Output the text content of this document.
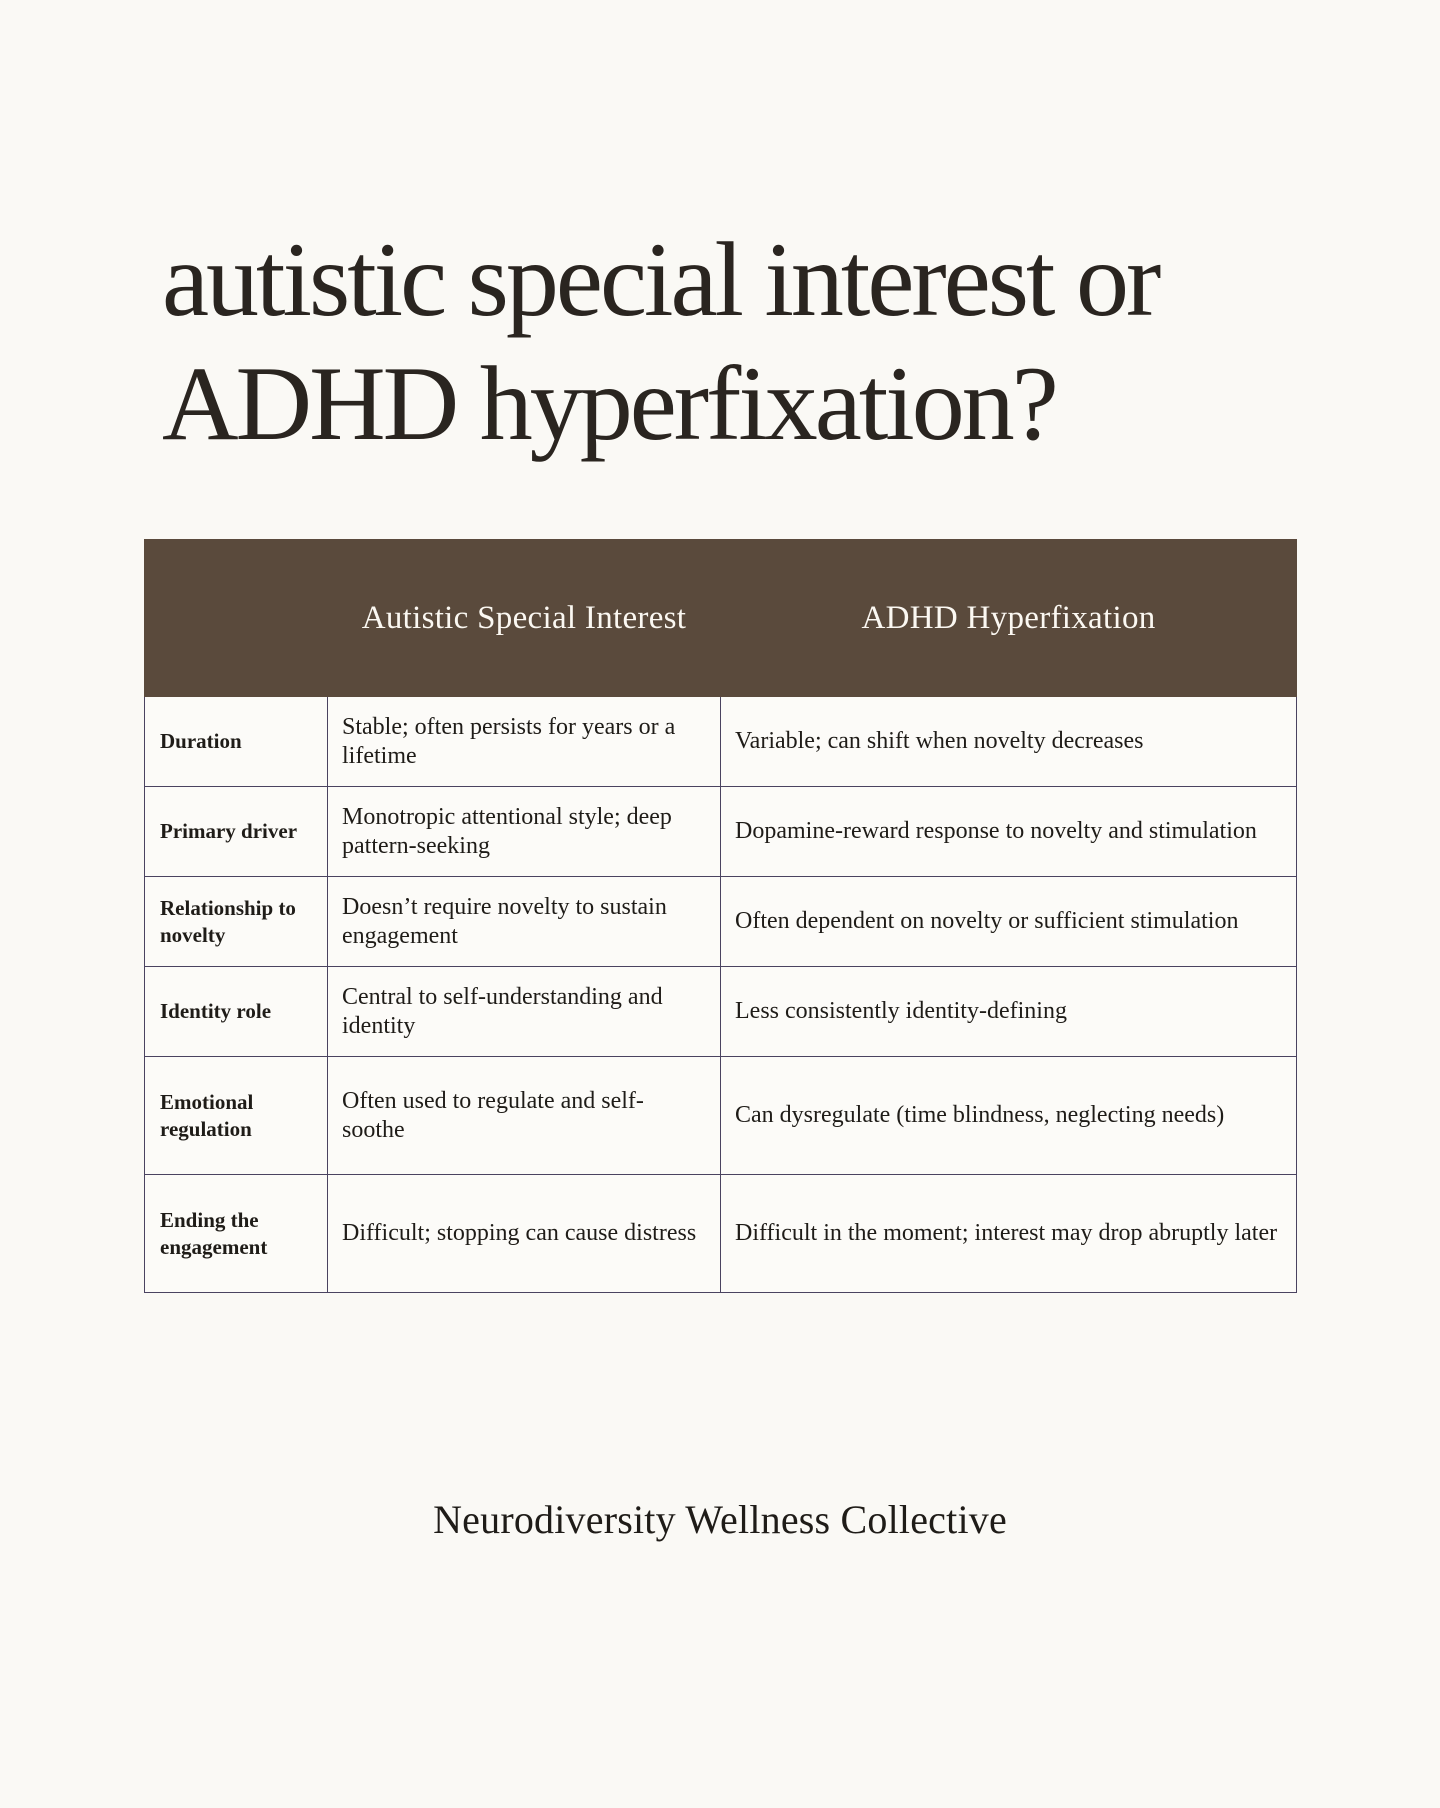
autistic special interest or
ADHD hyperfixation?
	Autistic Special Interest	ADHD Hyperfixation
Duration	Stable; often persists for years or a lifetime	Variable; can shift when novelty decreases
Primary driver	Monotropic attentional style; deep pattern-seeking	Dopamine-reward response to novelty and stimulation
Relationship to novelty	Doesn’t require novelty to sustain engagement	Often dependent on novelty or sufficient stimulation
Identity role	Central to self-understanding and identity	Less consistently identity-defining
Emotional regulation	Often used to regulate and self-soothe	Can dysregulate (time blindness, neglecting needs)
Ending the engagement	Difficult; stopping can cause distress	Difficult in the moment; interest may drop abruptly later
Neurodiversity Wellness Collective
